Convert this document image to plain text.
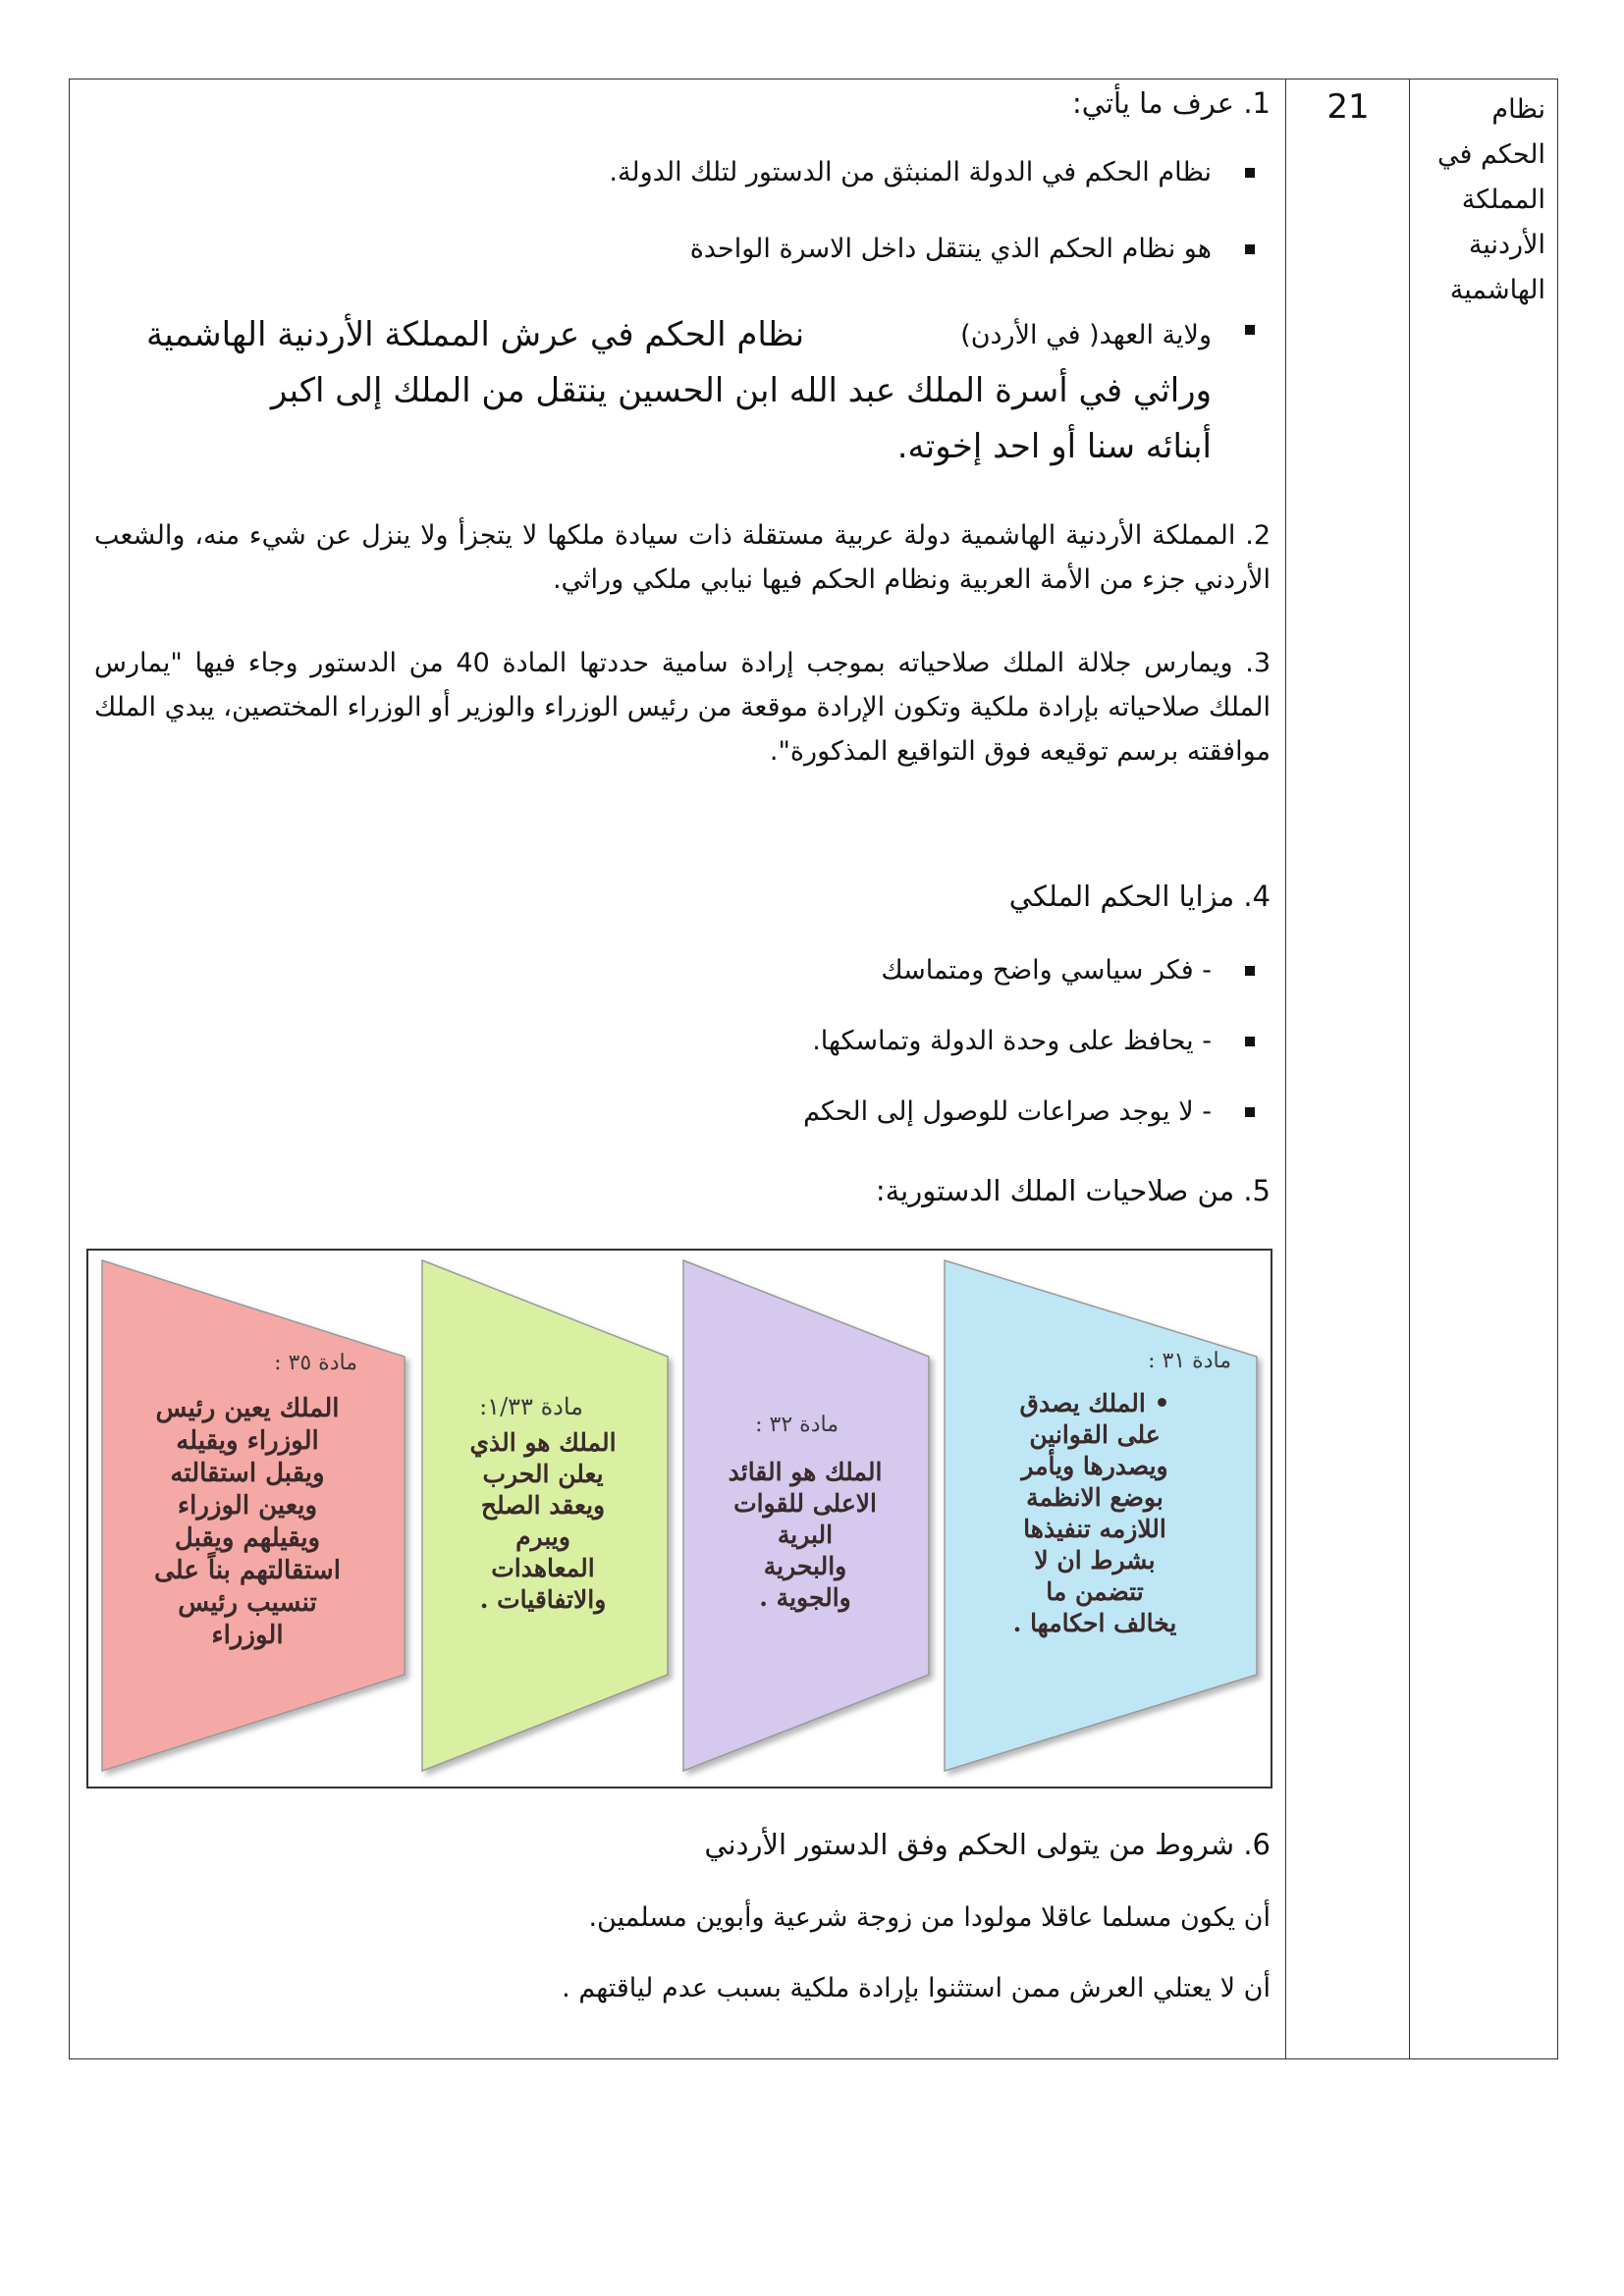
نظام
الحكم في
المملكة
الأردنية
الهاشمية
21
1. عرف ما يأتي:
نظام الحكم في الدولة المنبثق من الدستور لتلك الدولة.
هو نظام الحكم الذي ينتقل داخل الاسرة الواحدة
ولاية العهد( في الأردن)
نظام الحكم في عرش المملكة الأردنية الهاشمية
وراثي في أسرة الملك عبد الله ابن الحسين ينتقل من الملك إلى اكبر
أبنائه سنا أو احد إخوته.
2. المملكة الأردنية الهاشمية دولة عربية مستقلة ذات سيادة ملكها لا يتجزأ ولا ينزل عن شيء منه، والشعب الأردني جزء من الأمة العربية ونظام الحكم فيها نيابي ملكي وراثي.
3. ويمارس جلالة الملك صلاحياته بموجب إرادة سامية حددتها المادة 40 من الدستور وجاء فيها "يمارس الملك صلاحياته بإرادة ملكية وتكون الإرادة موقعة من رئيس الوزراء والوزير أو الوزراء المختصين، يبدي الملك موافقته برسم توقيعه فوق التواقيع المذكورة".
4. مزايا الحكم الملكي
- فكر سياسي واضح ومتماسك
- يحافظ على وحدة الدولة وتماسكها.
- لا يوجد صراعات للوصول إلى الحكم
5. من صلاحيات الملك الدستورية:
6. شروط من يتولى الحكم وفق الدستور الأردني
أن يكون مسلما عاقلا مولودا من زوجة شرعية وأبوين مسلمين.
أن لا يعتلي العرش ممن استثنوا بإرادة ملكية بسبب عدم لياقتهم .
مادة ٣٥ :
الملك يعين رئيس
الوزراء ويقيله
ويقبل استقالته
ويعين الوزراء
ويقيلهم ويقبل
استقالتهم بناً على
تنسيب رئيس
الوزراء
مادة ١/٣٣:
الملك هو الذي
يعلن الحرب
ويعقد الصلح
ويبرم
المعاهدات
والاتفاقيات .
مادة ٣٢ :
الملك هو القائد
الاعلى للقوات
البرية
والبحرية
والجوية .
مادة ٣١ :
• الملك يصدق
على القوانين
ويصدرها ويأمر
بوضع الانظمة
اللازمه تنفيذها
بشرط ان لا
تتضمن ما
يخالف احكامها .
